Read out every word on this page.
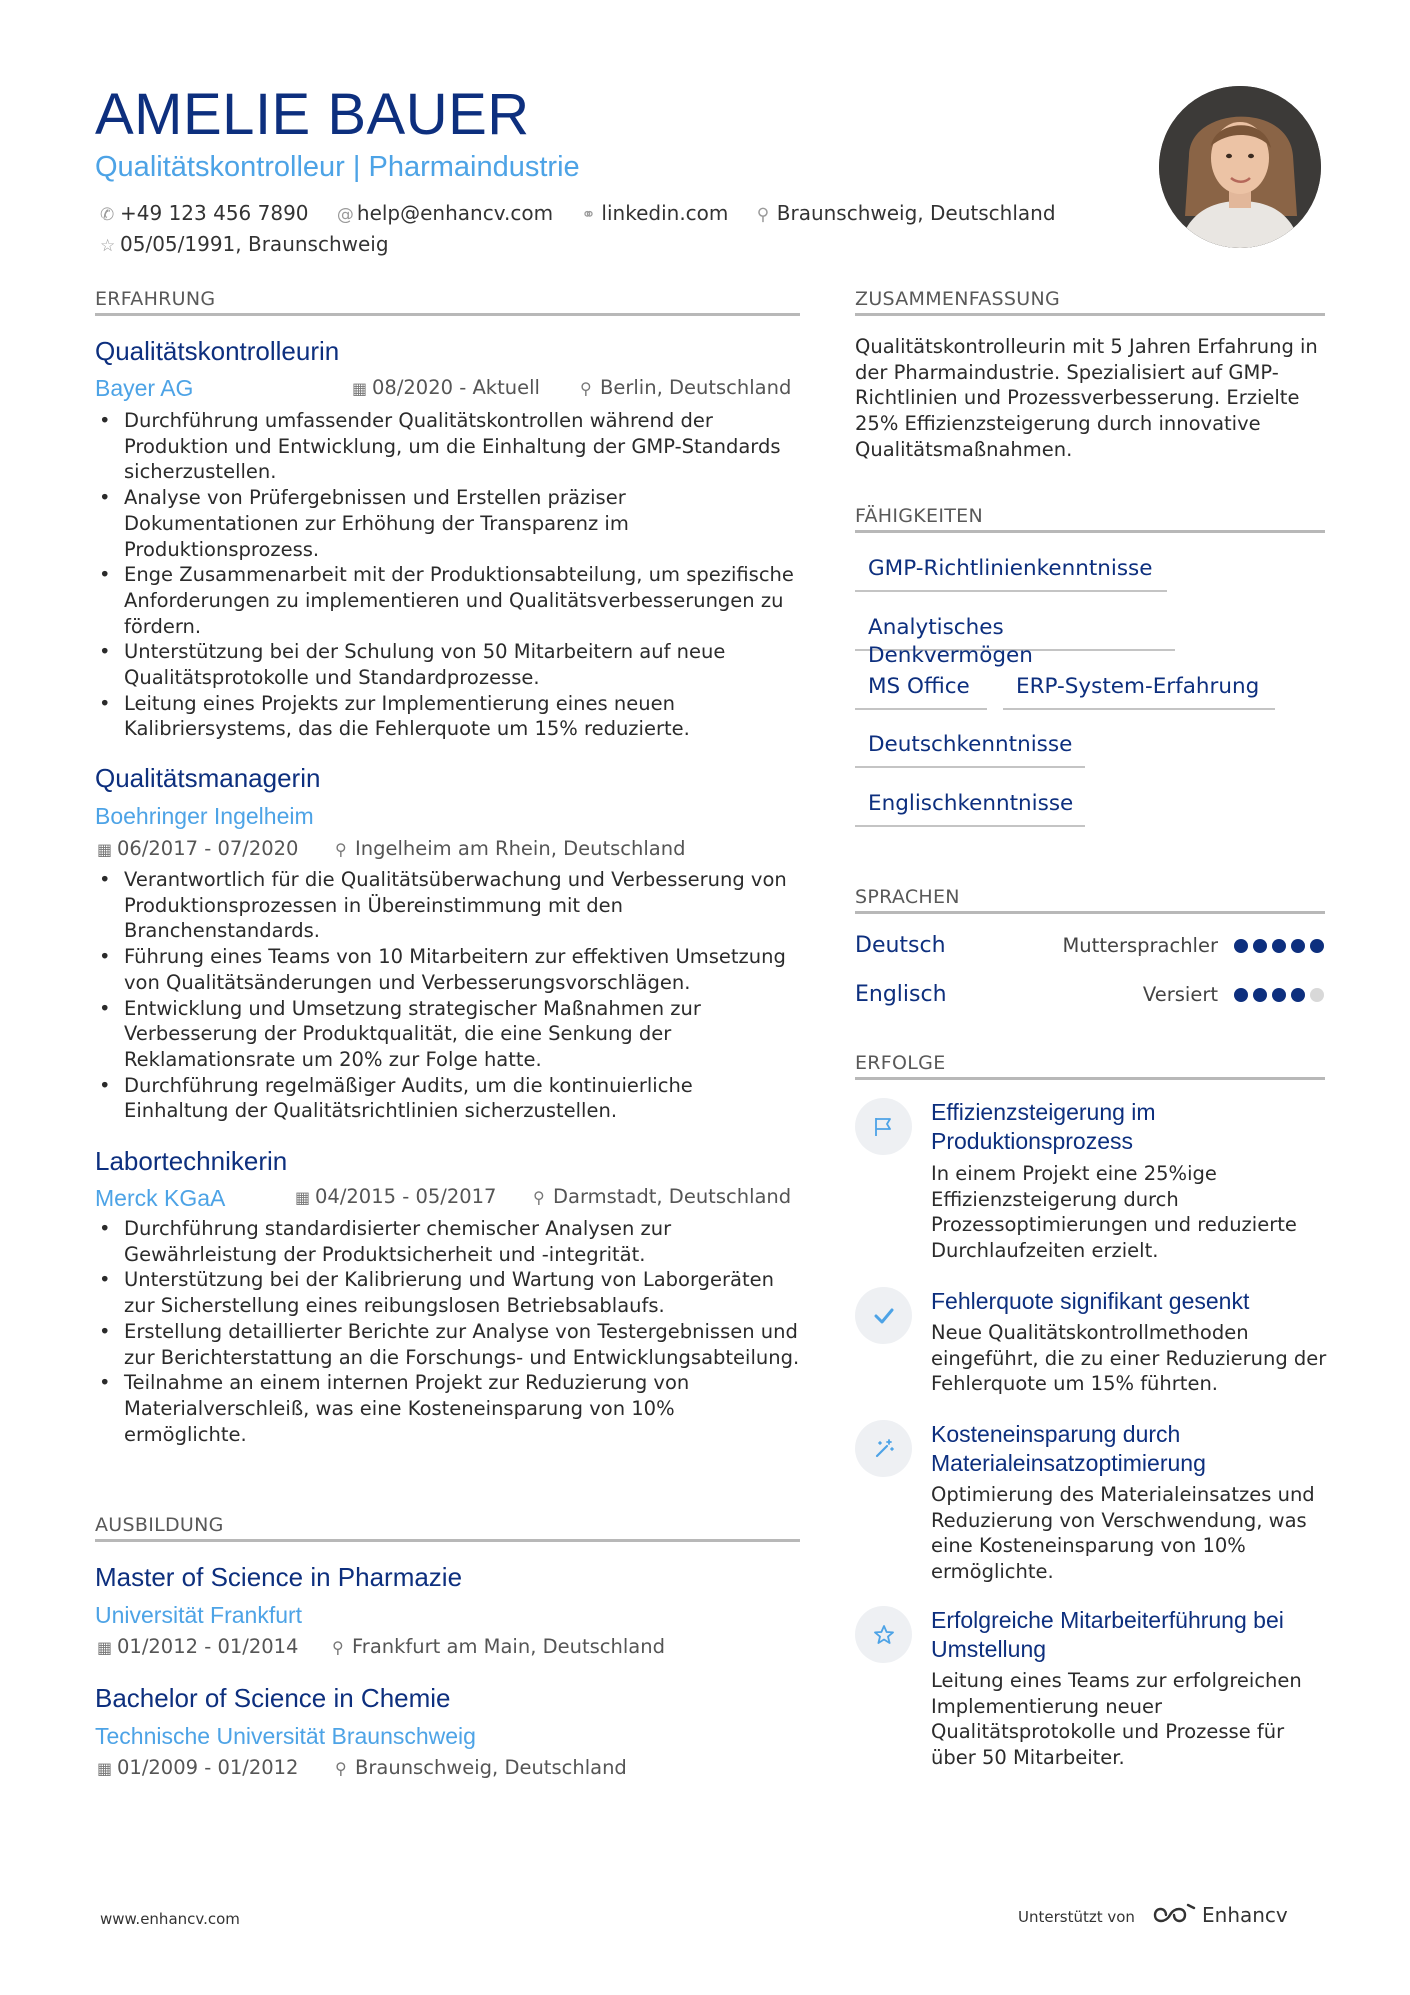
AMELIE BAUER
Qualitätskontrolleur | Pharmaindustrie
✆ +49 123 456 7890 @ help@enhancv.com ⚭ linkedin.com ⚲ Braunschweig, Deutschland
☆ 05/05/1991, Braunschweig
ERFAHRUNG
Qualitätskontrolleurin
Bayer AG	▦ 08/2020 - Aktuell	⚲ Berlin, Deutschland
• Durchführung umfassender Qualitätskontrollen während der Produktion und Entwicklung, um die Einhaltung der GMP-Standards sicherzustellen.
• Analyse von Prüfergebnissen und Erstellen präziser Dokumentationen zur Erhöhung der Transparenz im Produktionsprozess.
• Enge Zusammenarbeit mit der Produktionsabteilung, um spezifische Anforderungen zu implementieren und Qualitätsverbesserungen zu fördern.
• Unterstützung bei der Schulung von 50 Mitarbeitern auf neue Qualitätsprotokolle und Standardprozesse.
• Leitung eines Projekts zur Implementierung eines neuen Kalibriersystems, das die Fehlerquote um 15% reduzierte.
Qualitätsmanagerin
Boehringer Ingelheim
▦ 06/2017 - 07/2020 ⚲ Ingelheim am Rhein, Deutschland
• Verantwortlich für die Qualitätsüberwachung und Verbesserung von Produktionsprozessen in Übereinstimmung mit den Branchenstandards.
• Führung eines Teams von 10 Mitarbeitern zur effektiven Umsetzung von Qualitätsänderungen und Verbesserungsvorschlägen.
• Entwicklung und Umsetzung strategischer Maßnahmen zur Verbesserung der Produktqualität, die eine Senkung der Reklamationsrate um 20% zur Folge hatte.
• Durchführung regelmäßiger Audits, um die kontinuierliche Einhaltung der Qualitätsrichtlinien sicherzustellen.
Labortechnikerin
Merck KGaA	▦ 04/2015 - 05/2017 ⚲ Darmstadt, Deutschland
• Durchführung standardisierter chemischer Analysen zur Gewährleistung der Produktsicherheit und -integrität.
• Unterstützung bei der Kalibrierung und Wartung von Laborgeräten zur Sicherstellung eines reibungslosen Betriebsablaufs.
• Erstellung detaillierter Berichte zur Analyse von Testergebnissen und zur Berichterstattung an die Forschungs- und Entwicklungsabteilung.
• Teilnahme an einem internen Projekt zur Reduzierung von Materialverschleiß, was eine Kosteneinsparung von 10% ermöglichte.
AUSBILDUNG
Master of Science in Pharmazie
Universität Frankfurt
▦ 01/2012 - 01/2014 ⚲ Frankfurt am Main, Deutschland
Bachelor of Science in Chemie
Technische Universität Braunschweig
▦ 01/2009 - 01/2012 ⚲ Braunschweig, Deutschland
ZUSAMMENFASSUNG
Qualitätskontrolleurin mit 5 Jahren Erfahrung in der Pharmaindustrie. Spezialisiert auf GMP-Richtlinien und Prozessverbesserung. Erzielte 25% Effizienzsteigerung durch innovative Qualitätsmaßnahmen.
FÄHIGKEITEN
GMP-Richtlinienkenntnisse
Analytisches Denkvermögen
MS Office	ERP-System-Erfahrung
Deutschkenntnisse
Englischkenntnisse
SPRACHEN
Deutsch	Muttersprachler
Englisch	Versiert
ERFOLGE
Effizienzsteigerung im Produktionsprozess
In einem Projekt eine 25%ige Effizienzsteigerung durch Prozessoptimierungen und reduzierte Durchlaufzeiten erzielt.
Fehlerquote signifikant gesenkt
Neue Qualitätskontrollmethoden eingeführt, die zu einer Reduzierung der Fehlerquote um 15% führten.
Kosteneinsparung durch Materialeinsatzoptimierung
Optimierung des Materialeinsatzes und Reduzierung von Verschwendung, was eine Kosteneinsparung von 10% ermöglichte.
Erfolgreiche Mitarbeiterführung bei Umstellung
Leitung eines Teams zur erfolgreichen Implementierung neuer Qualitätsprotokolle und Prozesse für über 50 Mitarbeiter.
www.enhancv.com	Unterstützt von	Enhancv
